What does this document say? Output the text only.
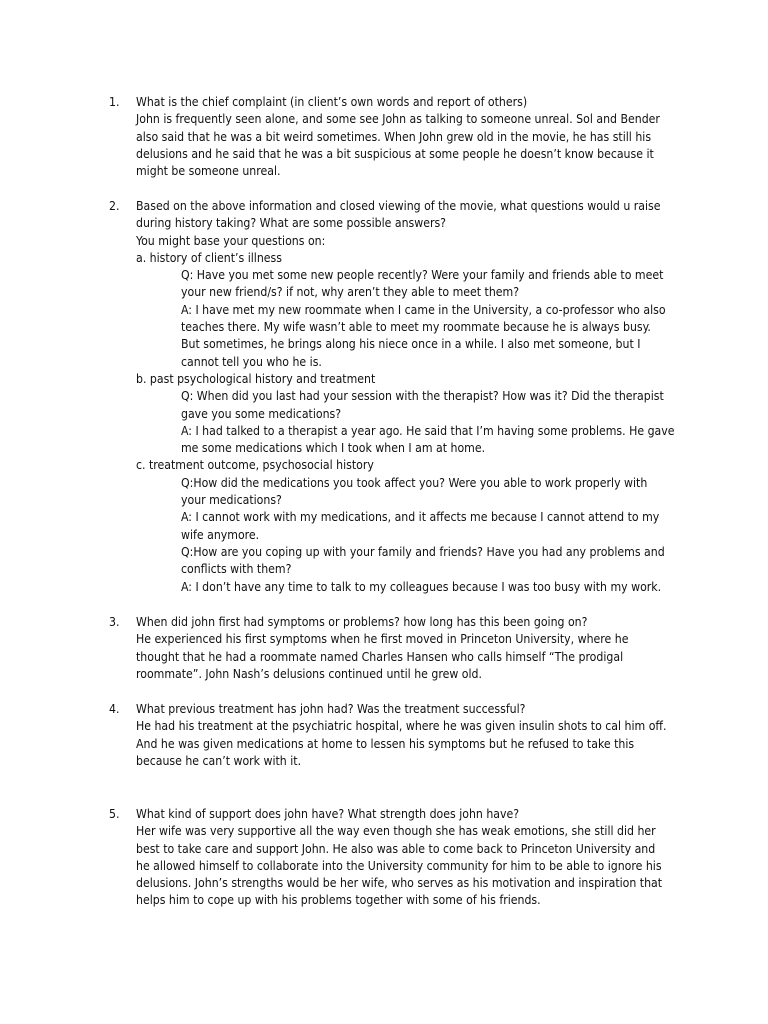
1. What is the chief complaint (in client’s own words and report of others)
John is frequently seen alone, and some see John as talking to someone unreal. Sol and Bender
also said that he was a bit weird sometimes. When John grew old in the movie, he has still his
delusions and he said that he was a bit suspicious at some people he doesn’t know because it
might be someone unreal.
2. Based on the above information and closed viewing of the movie, what questions would u raise
during history taking? What are some possible answers?
You might base your questions on:
a. history of client’s illness
Q: Have you met some new people recently? Were your family and friends able to meet
your new friend/s? if not, why aren’t they able to meet them?
A: I have met my new roommate when I came in the University, a co-professor who also
teaches there. My wife wasn’t able to meet my roommate because he is always busy.
But sometimes, he brings along his niece once in a while. I also met someone, but I
cannot tell you who he is.
b. past psychological history and treatment
Q: When did you last had your session with the therapist? How was it? Did the therapist
gave you some medications?
A: I had talked to a therapist a year ago. He said that I’m having some problems. He gave
me some medications which I took when I am at home.
c. treatment outcome, psychosocial history
Q:How did the medications you took affect you? Were you able to work properly with
your medications?
A: I cannot work with my medications, and it affects me because I cannot attend to my
wife anymore.
Q:How are you coping up with your family and friends? Have you had any problems and
conflicts with them?
A: I don’t have any time to talk to my colleagues because I was too busy with my work.
3. When did john first had symptoms or problems? how long has this been going on?
He experienced his first symptoms when he first moved in Princeton University, where he
thought that he had a roommate named Charles Hansen who calls himself “The prodigal
roommate”. John Nash’s delusions continued until he grew old.
4. What previous treatment has john had? Was the treatment successful?
He had his treatment at the psychiatric hospital, where he was given insulin shots to cal him off.
And he was given medications at home to lessen his symptoms but he refused to take this
because he can’t work with it.
5. What kind of support does john have? What strength does john have?
Her wife was very supportive all the way even though she has weak emotions, she still did her
best to take care and support John. He also was able to come back to Princeton University and
he allowed himself to collaborate into the University community for him to be able to ignore his
delusions. John’s strengths would be her wife, who serves as his motivation and inspiration that
helps him to cope up with his problems together with some of his friends.
